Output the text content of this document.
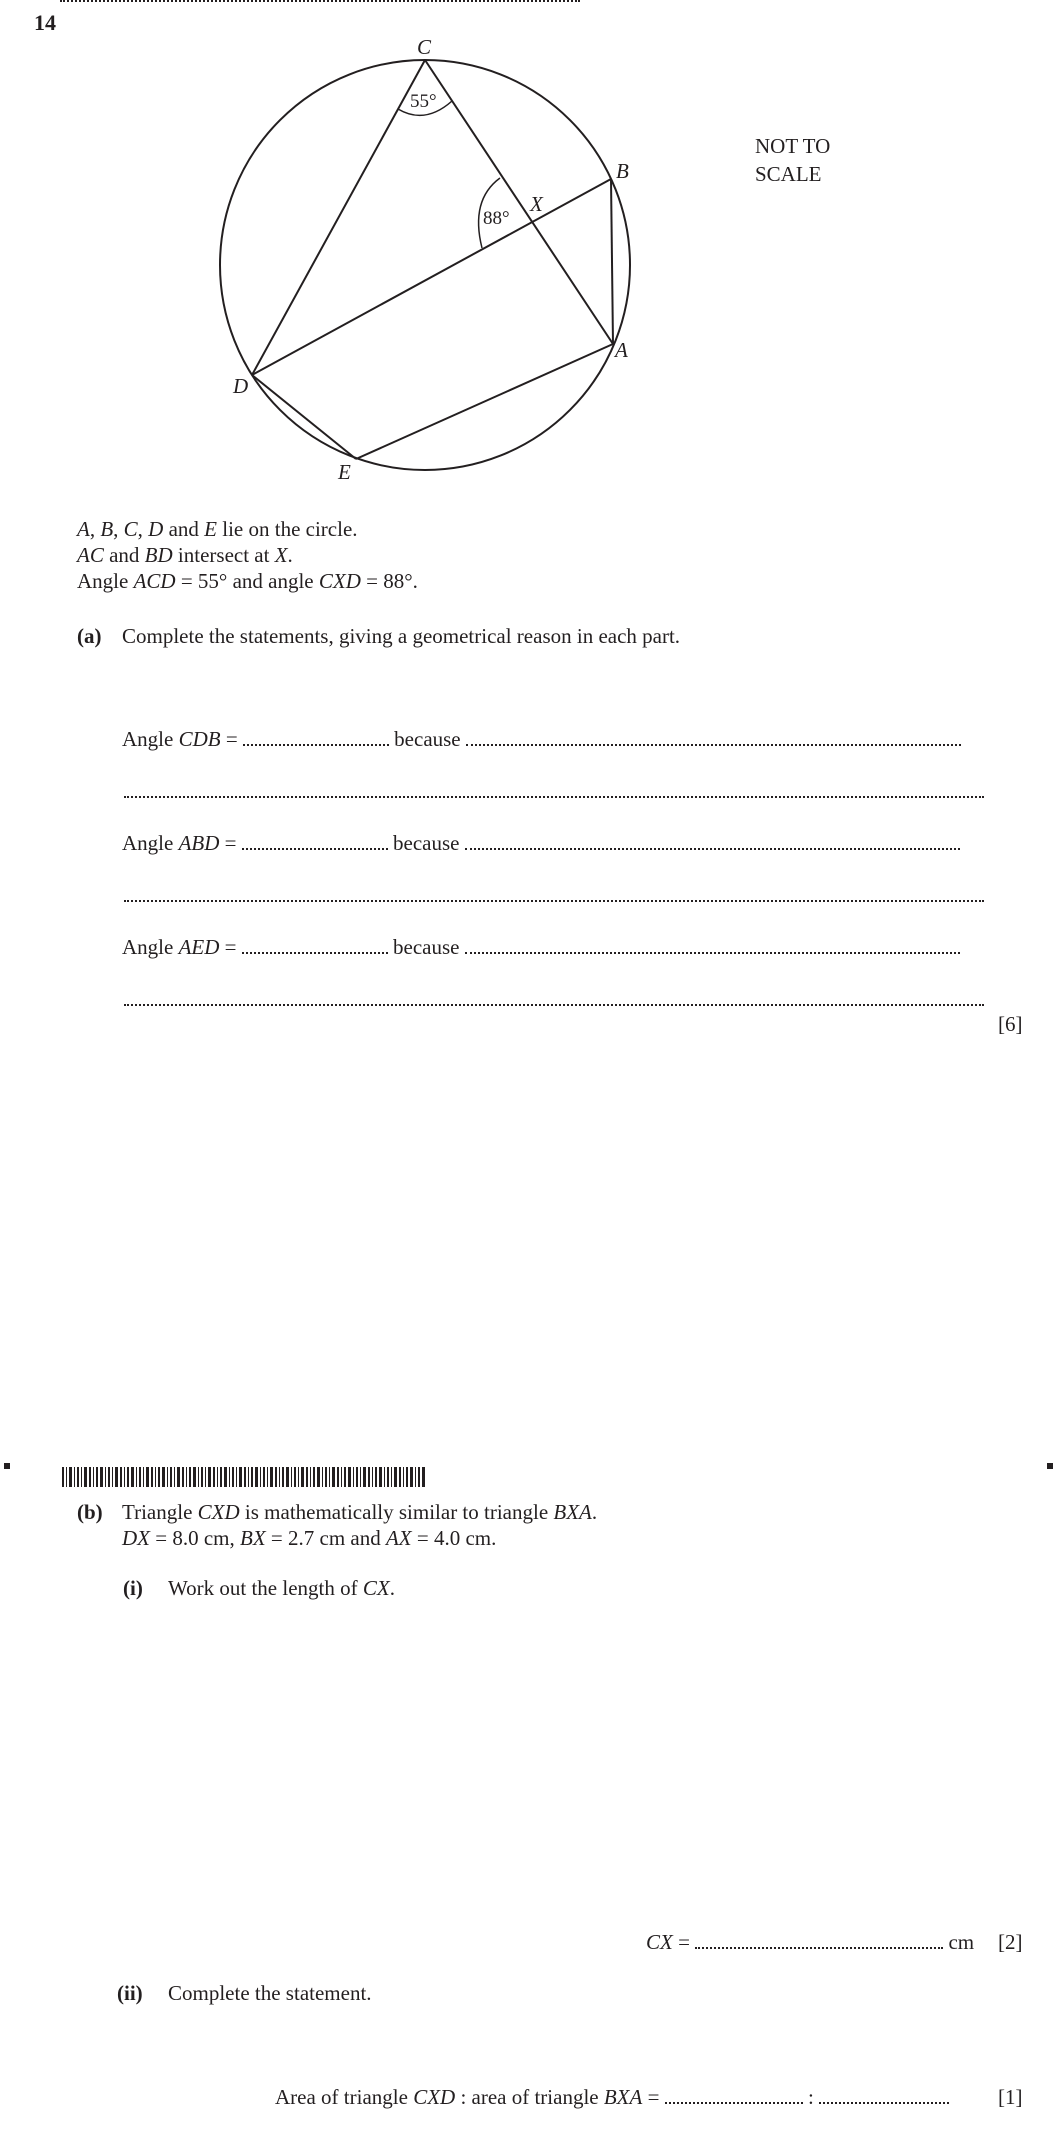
14
C
B
X
A
D
E
55°
88°
NOT TO
SCALE
A, B, C, D and E lie on the circle.
AC and BD intersect at X.
Angle ACD = 55° and angle CXD = 88°.
(a) Complete the statements, giving a geometrical reason in each part.
Angle CDB =	because
Angle ABD =	because
Angle AED =	because
[6]
(b) Triangle CXD is mathematically similar to triangle BXA.
DX = 8.0 cm, BX = 2.7 cm and AX = 4.0 cm.
(i) Work out the length of CX.
CX =	cm [2]
(ii) Complete the statement.
Area of triangle CXD : area of triangle BXA =	:	[1]
